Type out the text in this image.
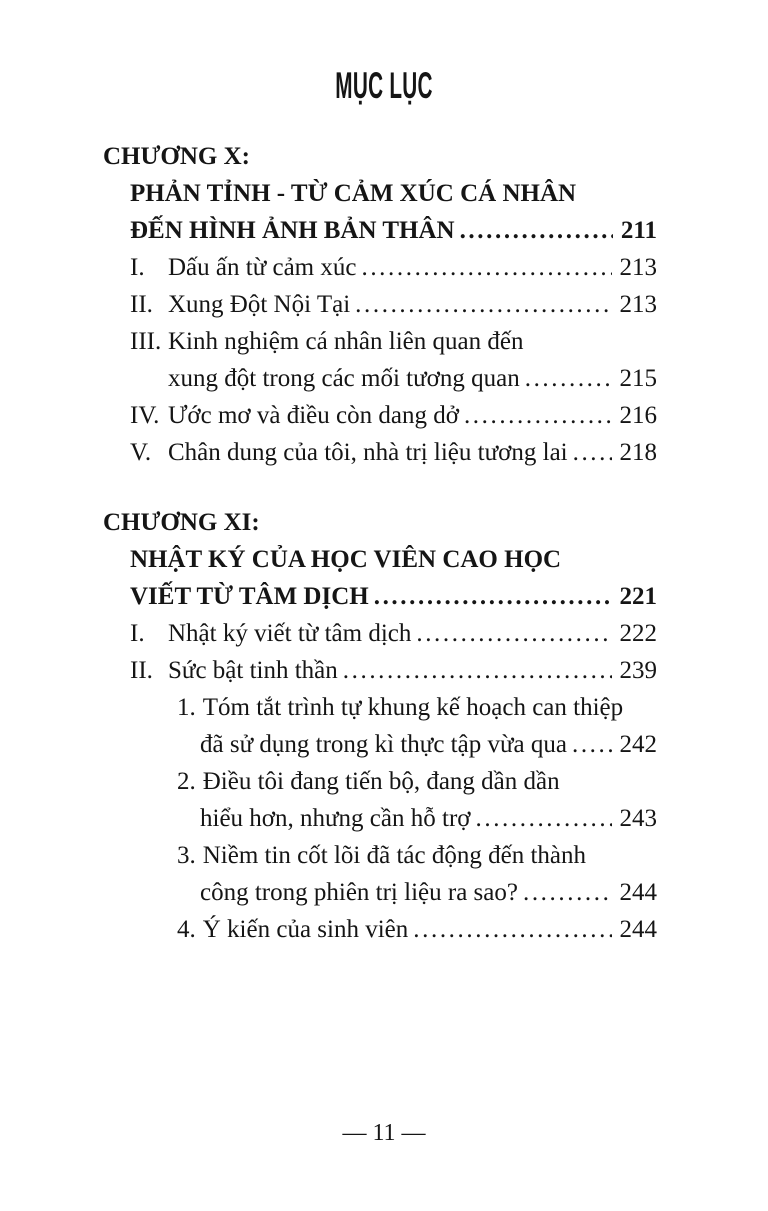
MỤC LỤC
CHƯƠNG X:
PHẢN TỈNH - TỪ CẢM XÚC CÁ NHÂN
ĐẾN HÌNH ẢNH BẢN THÂN .....	211
I. Dấu ấn từ cảm xúc .....	213
II. Xung Đột Nội Tại .....	213
III. Kinh nghiệm cá nhân liên quan đến
xung đột trong các mối tương quan .....	215
IV. Ước mơ và điều còn dang dở .....	216
V. Chân dung của tôi, nhà trị liệu tương lai ..... 218
CHƯƠNG XI:
NHẬT KÝ CỦA HỌC VIÊN CAO HỌC
VIẾT TỪ TÂM DỊCH .....	221
I. Nhật ký viết từ tâm dịch .....	222
II. Sức bật tinh thần .....	239
1. Tóm tắt trình tự khung kế hoạch can thiệp
đã sử dụng trong kì thực tập vừa qua ..... 242
2. Điều tôi đang tiến bộ, đang dần dần
hiểu hơn, nhưng cần hỗ trợ .....	243
3. Niềm tin cốt lõi đã tác động đến thành
công trong phiên trị liệu ra sao? .....	244
4. Ý kiến của sinh viên .....	244
— 11 —
